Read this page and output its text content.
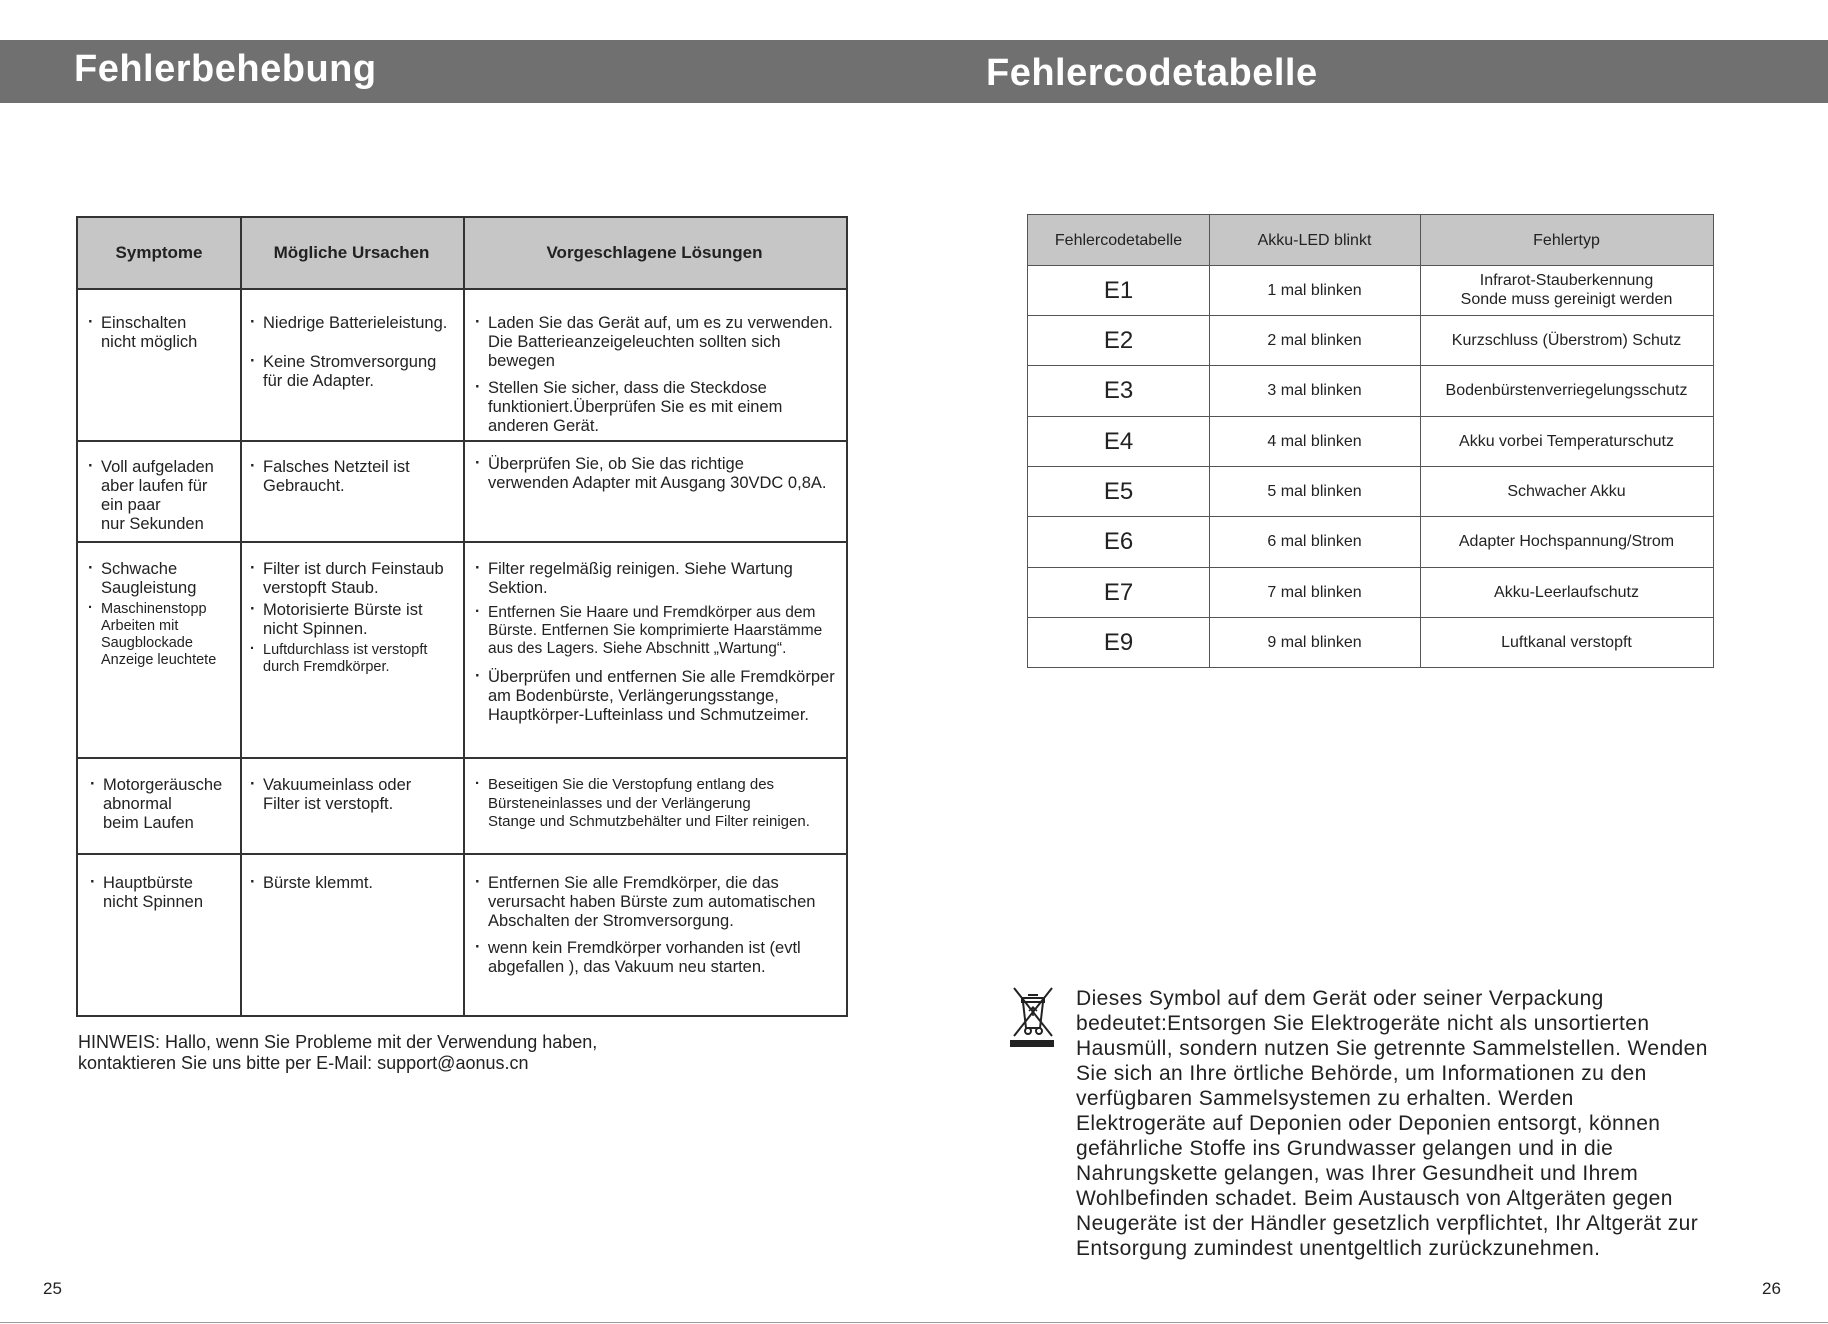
Fehlerbehebung	Fehlercodetabelle
Symptome	Mögliche Ursachen	Vorgeschlagene Lösungen
· Einschalten
nicht möglich
· Niedrige Batterieleistung.
· Keine Stromversorgung
für die Adapter.
· Laden Sie das Gerät auf, um es zu verwenden.
Die Batterieanzeigeleuchten sollten sich
bewegen
· Stellen Sie sicher, dass die Steckdose
funktioniert.Überprüfen Sie es mit einem
anderen Gerät.
· Voll aufgeladen
aber laufen für
ein paar
nur Sekunden
· Falsches Netzteil ist
Gebraucht.
· Überprüfen Sie, ob Sie das richtige
verwenden Adapter mit Ausgang 30VDC 0,8A.
· Schwache
Saugleistung
· Maschinenstopp
Arbeiten mit
Saugblockade
Anzeige leuchtete
· Filter ist durch Feinstaub
verstopft Staub.
· Motorisierte Bürste ist
nicht Spinnen.
· Luftdurchlass ist verstopft
durch Fremdkörper.
· Filter regelmäßig reinigen. Siehe Wartung
Sektion.
· Entfernen Sie Haare und Fremdkörper aus dem
Bürste. Entfernen Sie komprimierte Haarstämme
aus des Lagers. Siehe Abschnitt „Wartung“.
· Überprüfen und entfernen Sie alle Fremdkörper
am Bodenbürste, Verlängerungsstange,
Hauptkörper-Lufteinlass und Schmutzeimer.
· Motorgeräusche
abnormal
beim Laufen
· Vakuumeinlass oder
Filter ist verstopft.
· Beseitigen Sie die Verstopfung entlang des
Bürsteneinlasses und der Verlängerung
Stange und Schmutzbehälter und Filter reinigen.
· Hauptbürste
nicht Spinnen
· Bürste klemmt.
·	Entfernen Sie alle Fremdkörper, die das
verursacht haben Bürste zum automatischen
Abschalten der Stromversorgung.
· wenn kein Fremdkörper vorhanden ist (evtl
abgefallen ), das Vakuum neu starten.
HINWEIS: Hallo, wenn Sie Probleme mit der Verwendung haben,
kontaktieren Sie uns bitte per E-Mail: support@aonus.cn
Fehlercodetabelle	Akku-LED blinkt	Fehlertyp
E1	1 mal blinken
Infrarot-Stauberkennung
Sonde muss gereinigt werden
E2	2 mal blinken	Kurzschluss (Überstrom) Schutz
E3	3 mal blinken	Bodenbürstenverriegelungsschutz
E4	4 mal blinken	Akku vorbei Temperaturschutz
E5	5 mal blinken	Schwacher Akku
E6	6 mal blinken	Adapter Hochspannung/Strom
E7	7 mal blinken	Akku-Leerlaufschutz
E9	9 mal blinken	Luftkanal verstopft
Dieses Symbol auf dem Gerät oder seiner Verpackung
bedeutet:Entsorgen Sie Elektrogeräte nicht als unsortierten
Hausmüll, sondern nutzen Sie getrennte Sammelstellen. Wenden
Sie sich an Ihre örtliche Behörde, um Informationen zu den
verfügbaren Sammelsystemen zu erhalten. Werden
Elektrogeräte auf Deponien oder Deponien entsorgt, können
gefährliche Stoffe ins Grundwasser gelangen und in die
Nahrungskette gelangen, was Ihrer Gesundheit und Ihrem
Wohlbefinden schadet. Beim Austausch von Altgeräten gegen
Neugeräte ist der Händler gesetzlich verpflichtet, Ihr Altgerät zur
Entsorgung zumindest unentgeltlich zurückzunehmen.
25	26
